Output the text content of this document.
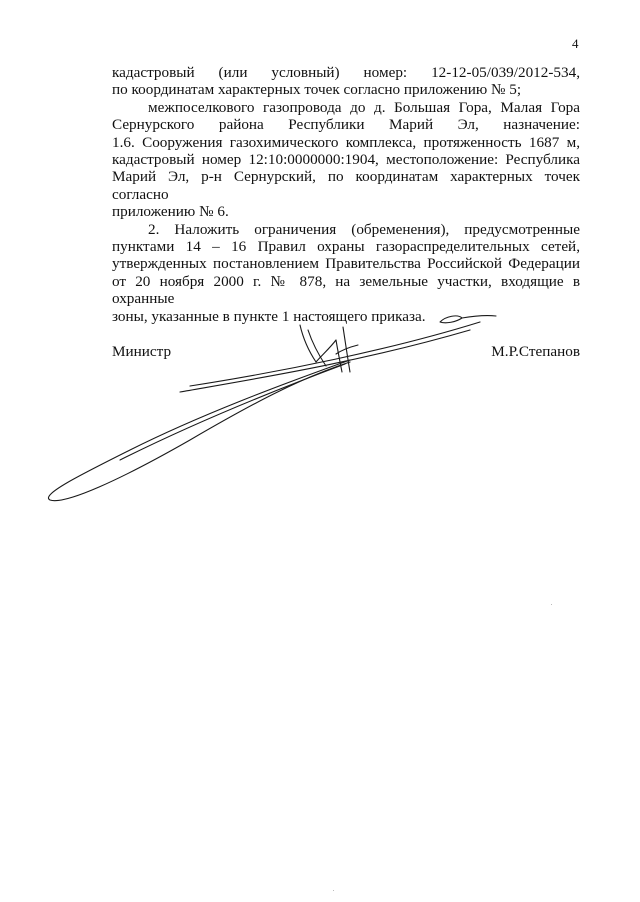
4

кадастровый (или условный) номер: 12-12-05/039/2012-534,
по координатам характерных точек согласно приложению № 5;

межпоселкового газопровода до д. Большая Гора, Малая Гора
Сернурского района Республики Марий Эл, назначение:
1.6. Сооружения газохимического комплекса, протяженность 1687 м,
кадастровый номер 12:10:0000000:1904, местоположение: Республика
Марий Эл, р-н Сернурский, по координатам характерных точек согласно
приложению № 6.

2. Наложить ограничения (обременения), предусмотренные
пунктами 14 – 16 Правил охраны газораспределительных сетей,
утвержденных постановлением Правительства Российской Федерации
от 20 ноября 2000 г. № 878, на земельные участки, входящие в охранные
зоны, указанные в пункте 1 настоящего приказа.

Министр	М.Р.Степанов
